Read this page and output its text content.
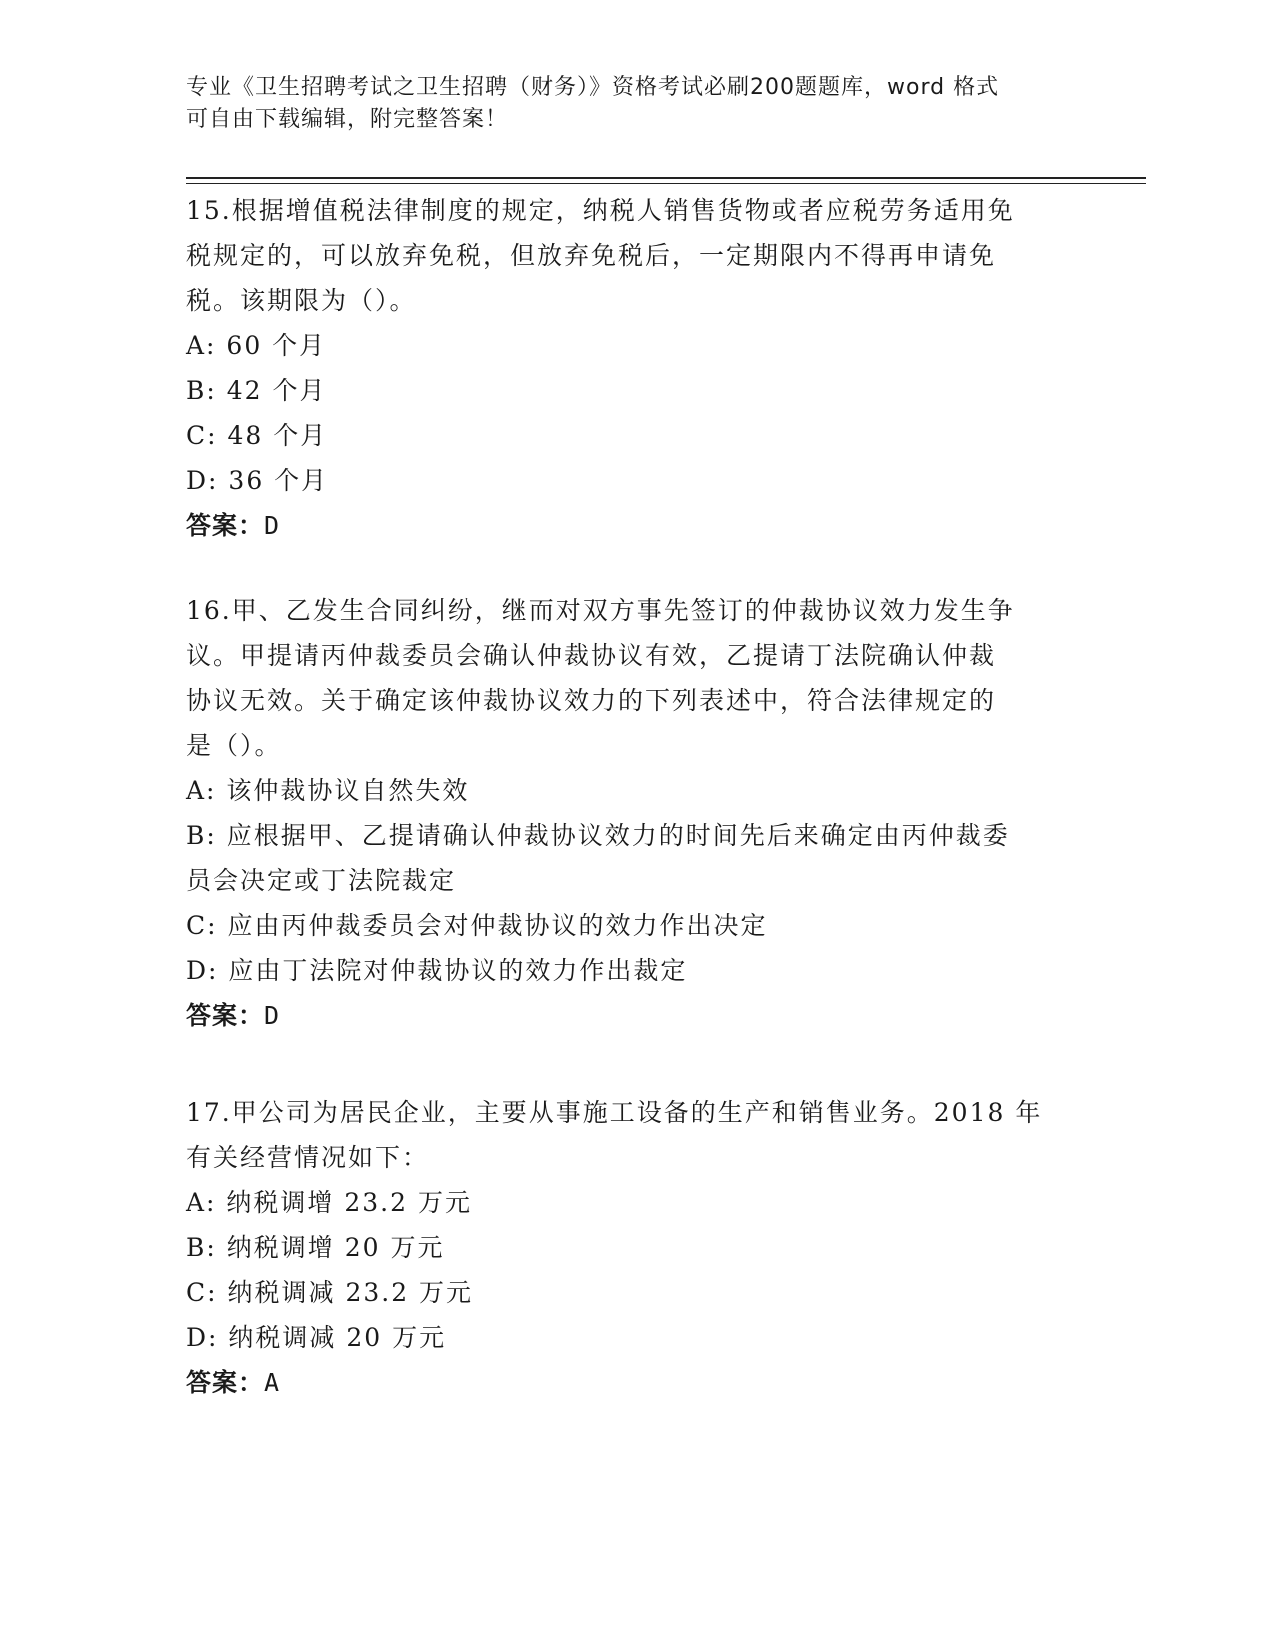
专业《卫生招聘考试之卫生招聘（财务）》资格考试必刷200题题库，word 格式
可自由下载编辑，附完整答案！
15.根据增值税法律制度的规定，纳税人销售货物或者应税劳务适用免
税规定的，可以放弃免税，但放弃免税后，一定期限内不得再申请免
税。该期限为（）。
A: 60 个月
B: 42 个月
C: 48 个月
D: 36 个月
答案：D
16.甲、乙发生合同纠纷，继而对双方事先签订的仲裁协议效力发生争
议。甲提请丙仲裁委员会确认仲裁协议有效，乙提请丁法院确认仲裁
协议无效。关于确定该仲裁协议效力的下列表述中，符合法律规定的
是（）。
A: 该仲裁协议自然失效
B: 应根据甲、乙提请确认仲裁协议效力的时间先后来确定由丙仲裁委
员会决定或丁法院裁定
C: 应由丙仲裁委员会对仲裁协议的效力作出决定
D: 应由丁法院对仲裁协议的效力作出裁定
答案：D
17.甲公司为居民企业，主要从事施工设备的生产和销售业务。2018 年
有关经营情况如下：
A: 纳税调增 23.2 万元
B: 纳税调增 20 万元
C: 纳税调减 23.2 万元
D: 纳税调减 20 万元
答案：A
